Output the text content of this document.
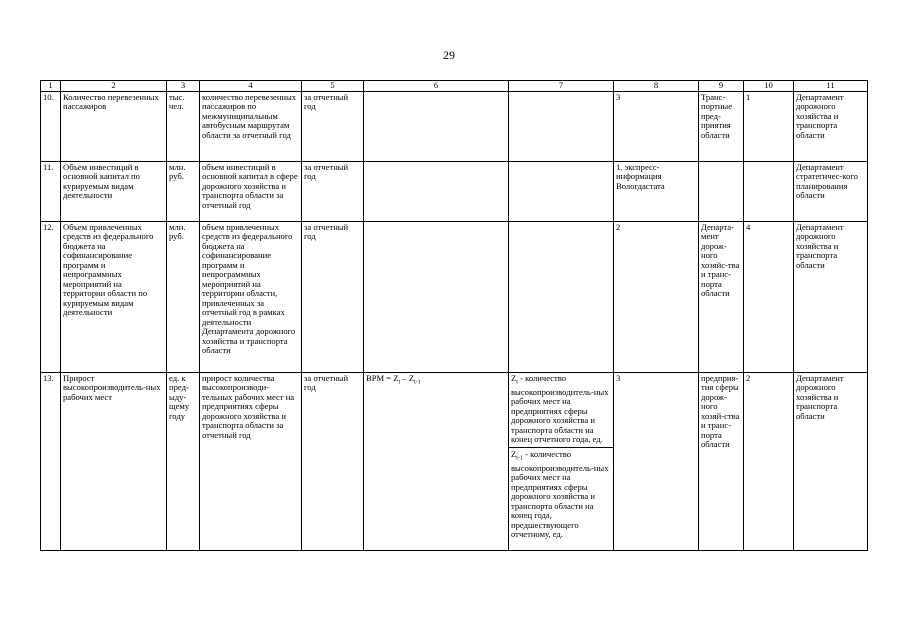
29
1	2	3	4	5	6	7	8	9	10	11
10.	Количество перевезенных пассажиров	тыс. чел.	количество перевезенных пассажиров по межмуниципальным автобусным маршрутам области за отчетный год	за отчетный год			3	Транс-портные пред-приятия области	1	Департамент дорожного хозяйства и транспорта области
11.	Объем инвестиций в основной капитал по курируемым видам деятельности	млн. руб.	объем инвестиций в основной капитал в сфере дорожного хозяйства и транспорта области за отчетный год	за отчетный год			1, экспресс-информация Вологдастата			Департамент стратегичес-кого планирования области
12.	Объем привлеченных средств из федерального бюджета на софинансирование программ и непрограммных мероприятий на территории области по курируемым видам деятельности	млн. руб.	объем привлеченных средств из федерального бюджета на софинансирование программ и непрограммных мероприятий на территории области, привлеченных за отчетный год в рамках деятельности Департамента дорожного хозяйства и транспорта области	за отчетный год			2	Департа-мент дорож-ного хозяйс-тва и транс-порта области	4	Департамент дорожного хозяйства и транспорта области
13.	Прирост высокопроизводитель-ных рабочих мест	ед. к пред-ыду-щему году	прирост количества высокопроизводи-тельных рабочих мест на предприятиях сферы дорожного хозяйства и транспорта области за отчетный год	за отчетный год	ВРМ = $Z_t - Z_{t-1}$	$Z_t$ - количество высокопроизводитель-ных рабочих мест на предприятиях сферы дорожного хозяйства и транспорта области на конец отчетного года, ед.
$Z_{t-1}$ - количество высокопроизводитель-ных рабочих мест на предприятиях сферы дорожного хозяйства и транспорта области на конец года, предшествующего отчетному, ед.	3	предприя-тия сферы дорож-ного хозяй-ства и транс-порта области	2	Департамент дорожного хозяйства и транспорта области
